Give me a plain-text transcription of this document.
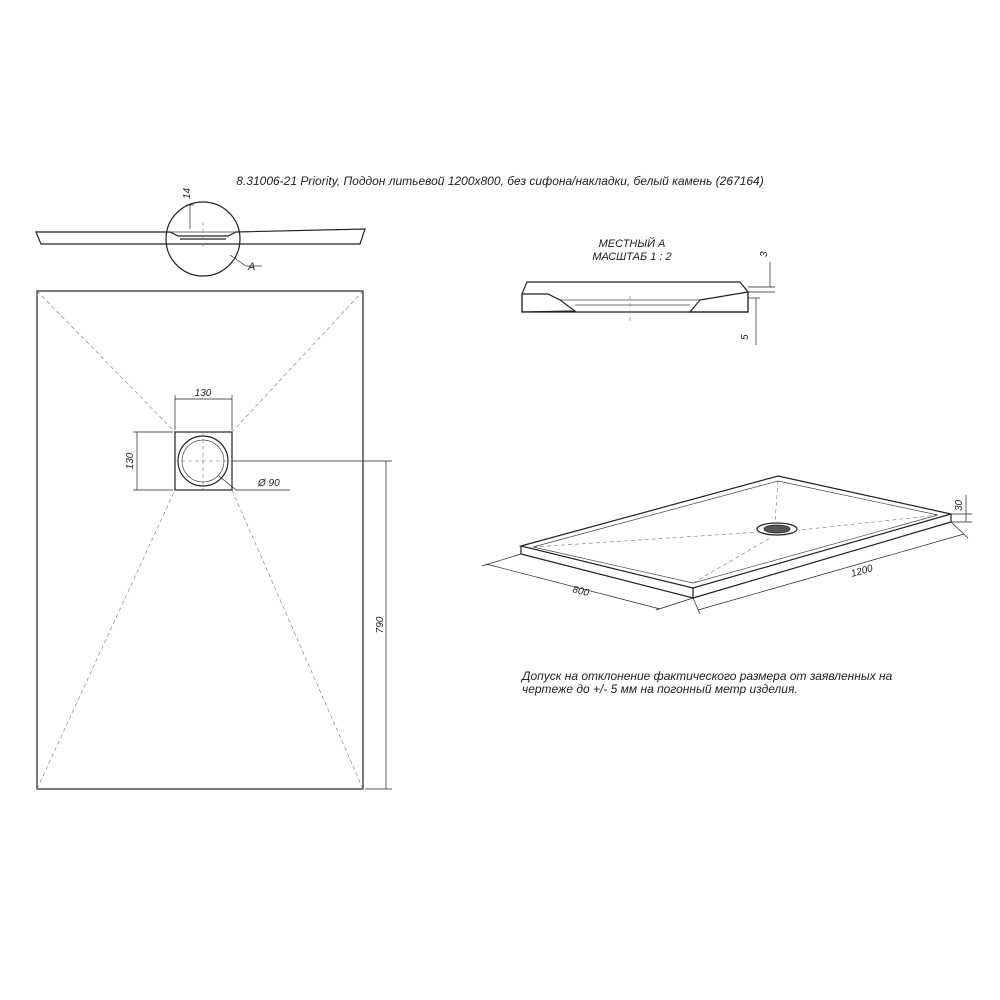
8.31006-21 Priority, Поддон литьевой 1200х800, без сифона/накладки, белый камень (267164)
14
A
МЕСТНЫЙ А
МАСШТАБ 1 : 2	3
5
130
130
Ø 90
790
800
1200
30
Допуск на отклонение фактического размера от заявленных на
чертеже до +/- 5 мм на погонный метр изделия.
